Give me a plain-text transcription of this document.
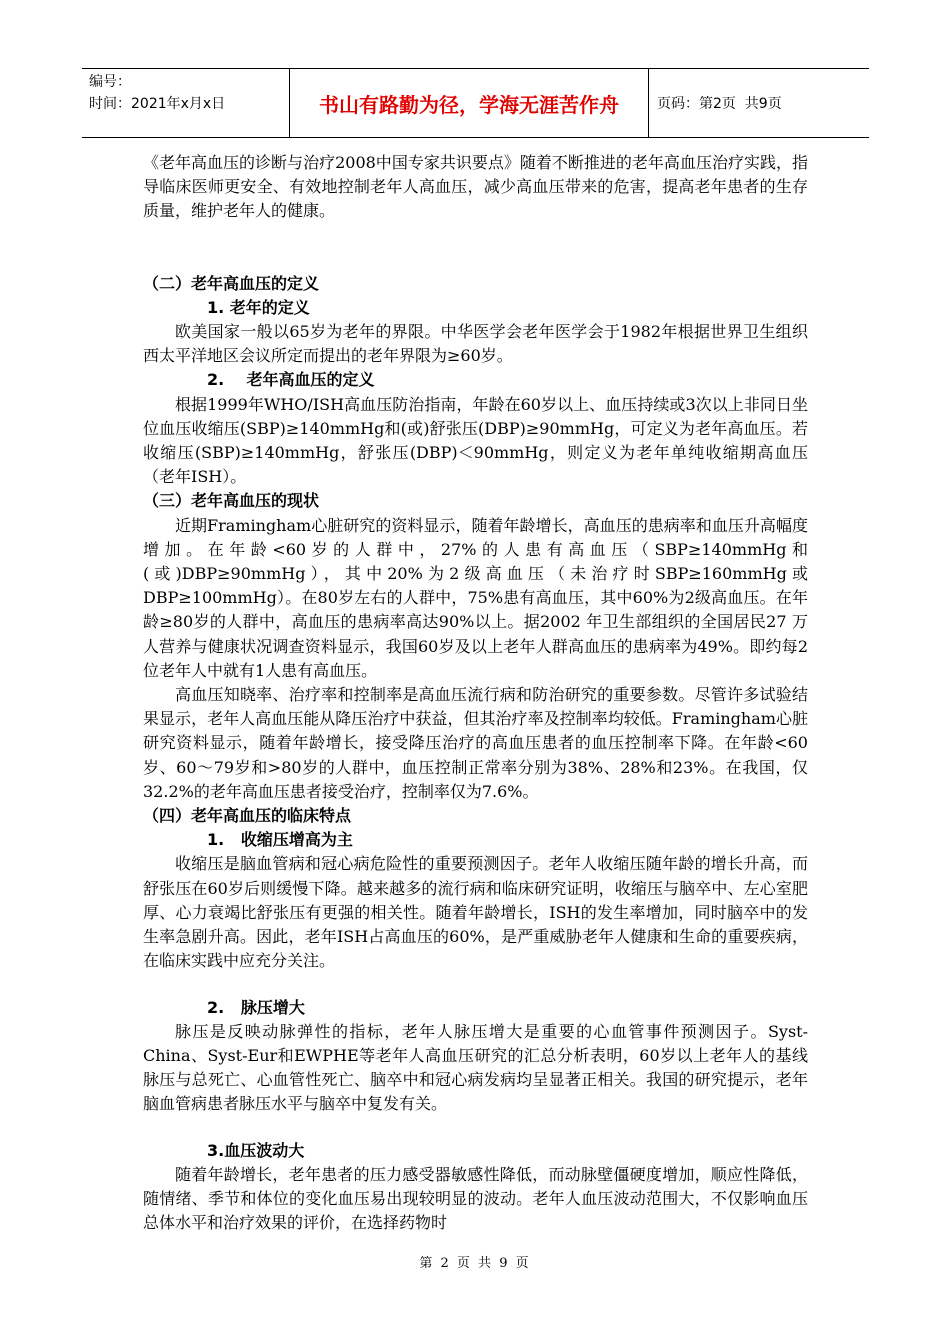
编号：
时间：2021年x月x日	书山有路勤为径，学海无涯苦作舟	页码：第2页  共9页

《老年高血压的诊断与治疗2008中国专家共识要点》随着不断推进的老年高血压治疗实践，指导临床医师更安全、有效地控制老年人高血压，减少高血压带来的危害，提高老年患者的生存质量，维护老年人的健康。

（二）老年高血压的定义

1. 老年的定义

欧美国家一般以65岁为老年的界限。中华医学会老年医学会于1982年根据世界卫生组织西太平洋地区会议所定而提出的老年界限为≥60岁。

2.    老年高血压的定义

根据1999年WHO/ISH高血压防治指南，年龄在60岁以上、血压持续或3次以上非同日坐位血压收缩压(SBP)≥140mmHg和(或)舒张压(DBP)≥90mmHg，可定义为老年高血压。若收缩压(SBP)≥140mmHg，舒张压(DBP)＜90mmHg，则定义为老年单纯收缩期高血压（老年ISH）。

（三）老年高血压的现状

近期Framingham心脏研究的资料显示，随着年龄增长，高血压的患病率和血压升高幅度增加。在年龄<60岁的人群中，27%的人患有高血压（SBP≥140mmHg和(或)DBP≥90mmHg），其中20%为2级高血压（未治疗时SBP≥160mmHg或DBP≥100mmHg）。在80岁左右的人群中，75%患有高血压，其中60%为2级高血压。在年龄≥80岁的人群中，高血压的患病率高达90%以上。据2002 年卫生部组织的全国居民27 万人营养与健康状况调查资料显示，我国60岁及以上老年人群高血压的患病率为49%。即约每2位老年人中就有1人患有高血压。

高血压知晓率、治疗率和控制率是高血压流行病和防治研究的重要参数。尽管许多试验结果显示，老年人高血压能从降压治疗中获益，但其治疗率及控制率均较低。Framingham心脏研究资料显示，随着年龄增长，接受降压治疗的高血压患者的血压控制率下降。在年龄<60岁、60～79岁和>80岁的人群中，血压控制正常率分别为38%、28%和23%。在我国，仅32.2%的老年高血压患者接受治疗，控制率仅为7.6%。

（四）老年高血压的临床特点

1.   收缩压增高为主

收缩压是脑血管病和冠心病危险性的重要预测因子。老年人收缩压随年龄的增长升高，而舒张压在60岁后则缓慢下降。越来越多的流行病和临床研究证明，收缩压与脑卒中、左心室肥厚、心力衰竭比舒张压有更强的相关性。随着年龄增长，ISH的发生率增加，同时脑卒中的发生率急剧升高。因此，老年ISH占高血压的60%，是严重威胁老年人健康和生命的重要疾病，在临床实践中应充分关注。

2.   脉压增大

脉压是反映动脉弹性的指标，老年人脉压增大是重要的心血管事件预测因子。Syst-China、Syst-Eur和EWPHE等老年人高血压研究的汇总分析表明，60岁以上老年人的基线脉压与总死亡、心血管性死亡、脑卒中和冠心病发病均呈显著正相关。我国的研究提示，老年脑血管病患者脉压水平与脑卒中复发有关。

3.血压波动大

随着年龄增长，老年患者的压力感受器敏感性降低，而动脉壁僵硬度增加，顺应性降低，随情绪、季节和体位的变化血压易出现较明显的波动。老年人血压波动范围大，不仅影响血压总体水平和治疗效果的评价，在选择药物时

第 2 页 共 9 页
